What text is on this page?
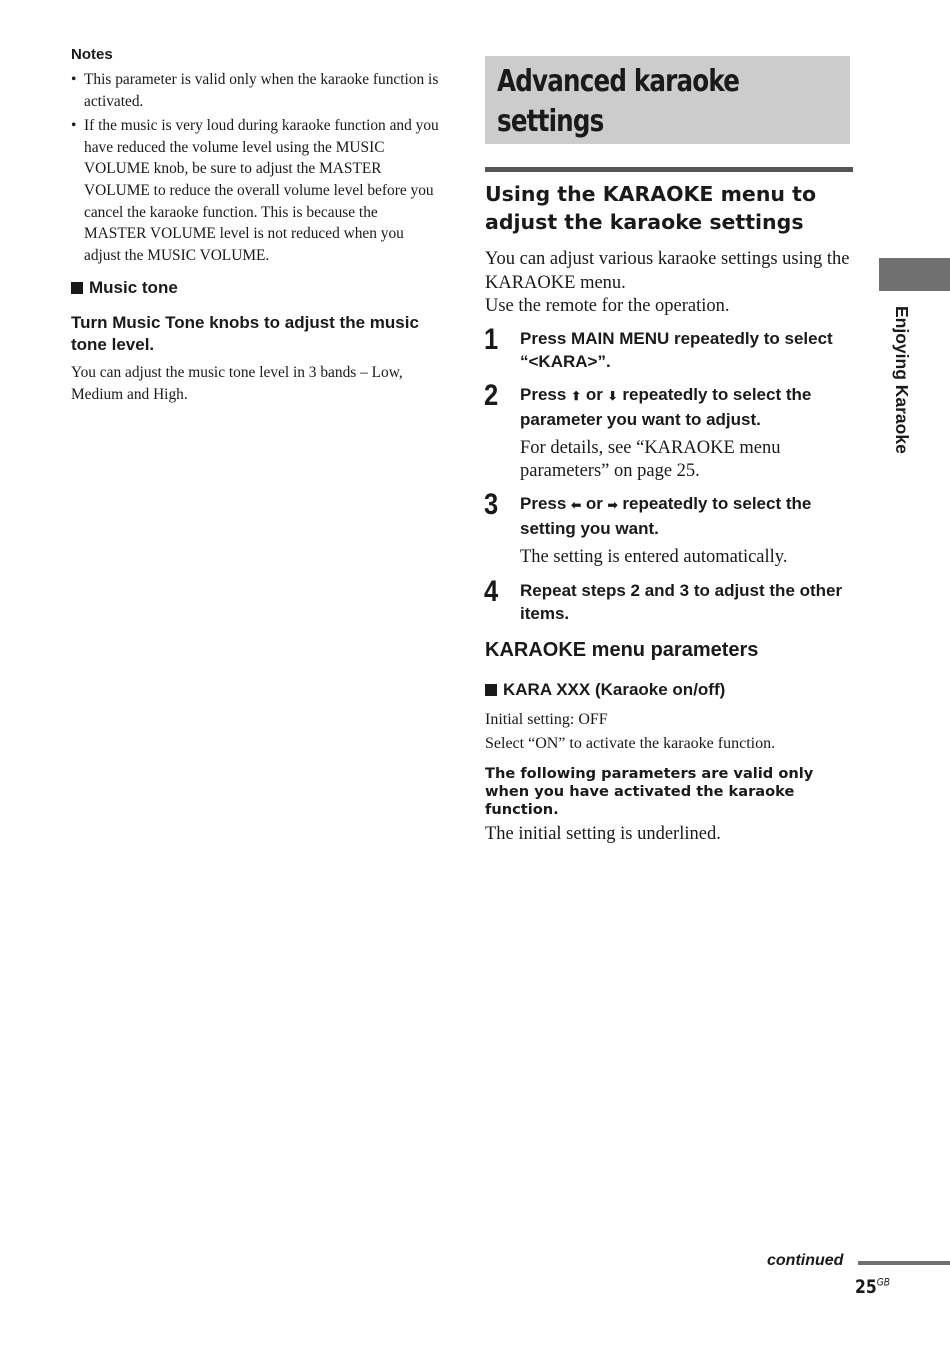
Notes

• This parameter is valid only when the karaoke function is activated.
• If the music is very loud during karaoke function and you have reduced the volume level using the MUSIC VOLUME knob, be sure to adjust the MASTER VOLUME to reduce the overall volume level before you cancel the karaoke function. This is because the MASTER VOLUME level is not reduced when you adjust the MUSIC VOLUME.
Music tone

Turn Music Tone knobs to adjust the music tone level.

You can adjust the music tone level in 3 bands – Low, Medium and High.

Advanced karaoke

settings

Using the KARAOKE menu to adjust the karaoke settings

You can adjust various karaoke settings using the KARAOKE menu.

Use the remote for the operation.

1 Press MAIN MENU repeatedly to select
“<KARA>”.

2 Press ⬆ or ⬇ repeatedly to select the parameter you want to adjust.

For details, see “KARAOKE menu parameters” on page 25.

3 Press ⬅ or ➡ repeatedly to select the setting you want.

The setting is entered automatically.

4 Repeat steps 2 and 3 to adjust the other items.

KARAOKE menu parameters

KARA XXX (Karaoke on/off)

Initial setting: OFF

Select “ON” to activate the karaoke function.

The following parameters are valid only when you have activated the karaoke function.

The initial setting is underlined.

Enjoying Karaoke
continued
$25^{GB}$
